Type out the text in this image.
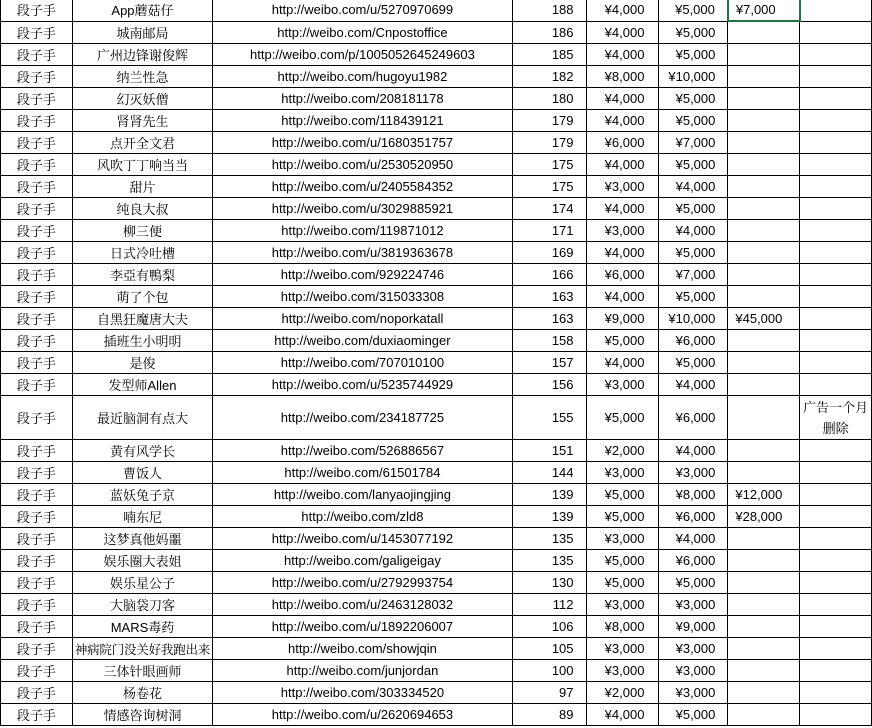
段子手	App蘑菇仔	http://weibo.com/u/5270970699	188	¥4,000	¥5,000	¥7,000	
段子手	城南邮局	http://weibo.com/Cnpostoffice	186	¥4,000	¥5,000		
段子手	广州边锋谢俊辉	http://weibo.com/p/1005052645249603	185	¥4,000	¥5,000		
段子手	纳兰性急	http://weibo.com/hugoyu1982	182	¥8,000	¥10,000		
段子手	幻灭妖僧	http://weibo.com/208181178	180	¥4,000	¥5,000		
段子手	肾肾先生	http://weibo.com/118439121	179	¥4,000	¥5,000		
段子手	点开全文君	http://weibo.com/u/1680351757	179	¥6,000	¥7,000		
段子手	风吹丁丁响当当	http://weibo.com/u/2530520950	175	¥4,000	¥5,000		
段子手	甜片	http://weibo.com/u/2405584352	175	¥3,000	¥4,000		
段子手	纯良大叔	http://weibo.com/u/3029885921	174	¥4,000	¥5,000		
段子手	柳三便	http://weibo.com/119871012	171	¥3,000	¥4,000		
段子手	日式冷吐槽	http://weibo.com/u/3819363678	169	¥4,000	¥5,000		
段子手	李亞有鴨梨	http://weibo.com/929224746	166	¥6,000	¥7,000		
段子手	萌了个包	http://weibo.com/315033308	163	¥4,000	¥5,000		
段子手	自黑狂魔唐大夫	http://weibo.com/noporkatall	163	¥9,000	¥10,000	¥45,000	
段子手	插班生小明明	http://weibo.com/duxiaominger	158	¥5,000	¥6,000		
段子手	是俊	http://weibo.com/707010100	157	¥4,000	¥5,000		
段子手	发型师Allen	http://weibo.com/u/5235744929	156	¥3,000	¥4,000		
段子手	最近脑洞有点大	http://weibo.com/234187725	155	¥5,000	¥6,000		广告一个月删除
段子手	黄有风学长	http://weibo.com/526886567	151	¥2,000	¥4,000		
段子手	曹饭人	http://weibo.com/61501784	144	¥3,000	¥3,000		
段子手	蓝妖兔子京	http://weibo.com/lanyaojingjing	139	¥5,000	¥8,000	¥12,000	
段子手	喃东尼	http://weibo.com/zld8	139	¥5,000	¥6,000	¥28,000	
段子手	这梦真他妈噩	http://weibo.com/u/1453077192	135	¥3,000	¥4,000		
段子手	娱乐圈大表姐	http://weibo.com/galigeigay	135	¥5,000	¥6,000		
段子手	娱乐星公子	http://weibo.com/u/2792993754	130	¥5,000	¥5,000		
段子手	大脑袋刀客	http://weibo.com/u/2463128032	112	¥3,000	¥3,000		
段子手	MARS毒药	http://weibo.com/u/1892206007	106	¥8,000	¥9,000		
段子手	神病院门没关好我跑出来	http://weibo.com/showjqin	105	¥3,000	¥3,000		
段子手	三体针眼画师	http://weibo.com/junjordan	100	¥3,000	¥3,000		
段子手	杨卷花	http://weibo.com/303334520	97	¥2,000	¥3,000		
段子手	情感咨询树洞	http://weibo.com/u/2620694653	89	¥4,000	¥5,000		
